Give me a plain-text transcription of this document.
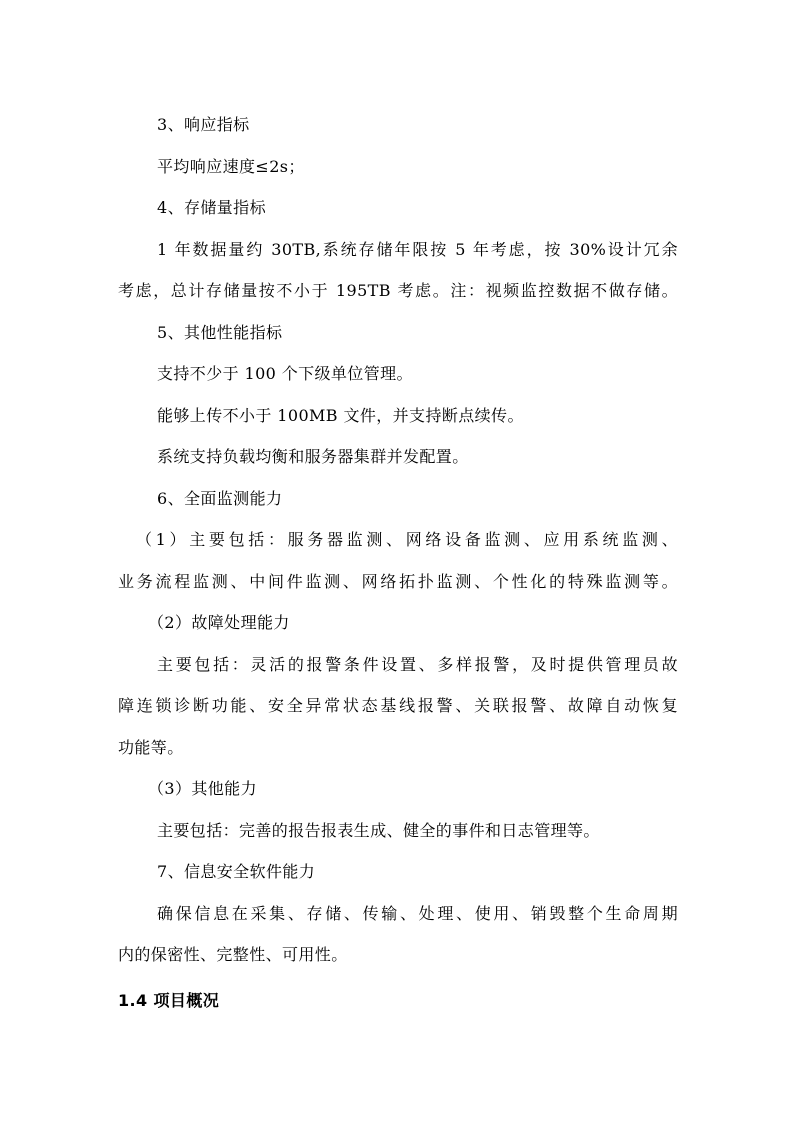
3、响应指标
平均响应速度≤2s；
4、存储量指标
1 年数据量约 30TB,系统存储年限按 5 年考虑，按 30%设计冗余
考虑，总计存储量按不小于 195TB 考虑。注：视频监控数据不做存储。
5、其他性能指标
支持不少于 100 个下级单位管理。
能够上传不小于 100MB 文件，并支持断点续传。
系统支持负载均衡和服务器集群并发配置。
6、全面监测能力
（1）主要包括：服务器监测、网络设备监测、应用系统监测、
业务流程监测、中间件监测、网络拓扑监测、个性化的特殊监测等。
（2）故障处理能力
主要包括：灵活的报警条件设置、多样报警，及时提供管理员故
障连锁诊断功能、安全异常状态基线报警、关联报警、故障自动恢复
功能等。
（3）其他能力
主要包括：完善的报告报表生成、健全的事件和日志管理等。
7、信息安全软件能力
确保信息在采集、存储、传输、处理、使用、销毁整个生命周期
内的保密性、完整性、可用性。
1.4 项目概况
